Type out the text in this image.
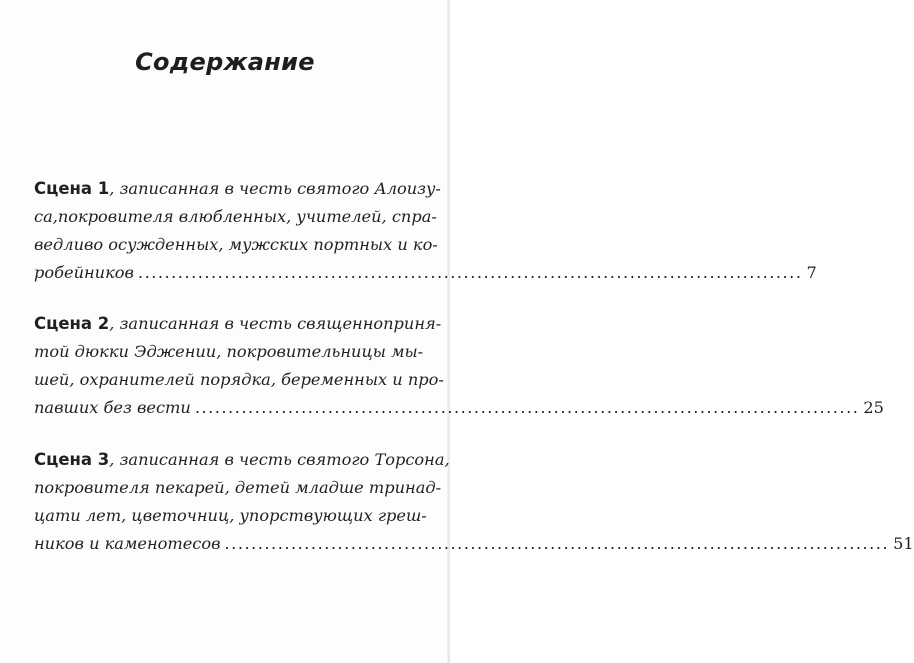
Содержание
Сцена 1, записанная в честь святого Алоизу-
са,покровителя влюбленных, учителей, спра-
ведливо осужденных, мужских портных и ко-
робейников .................................................................................................... 7
Сцена 2, записанная в честь священноприня-
той дюкки Эджении, покровительницы мы-
шей, охранителей порядка, беременных и про-
павших без вести .................................................................................................... 25
Сцена 3, записанная в честь святого Торсона,
покровителя пекарей, детей младше тринад-
цати лет, цветочниц, упорствующих греш-
ников и каменотесов .................................................................................................... 51
